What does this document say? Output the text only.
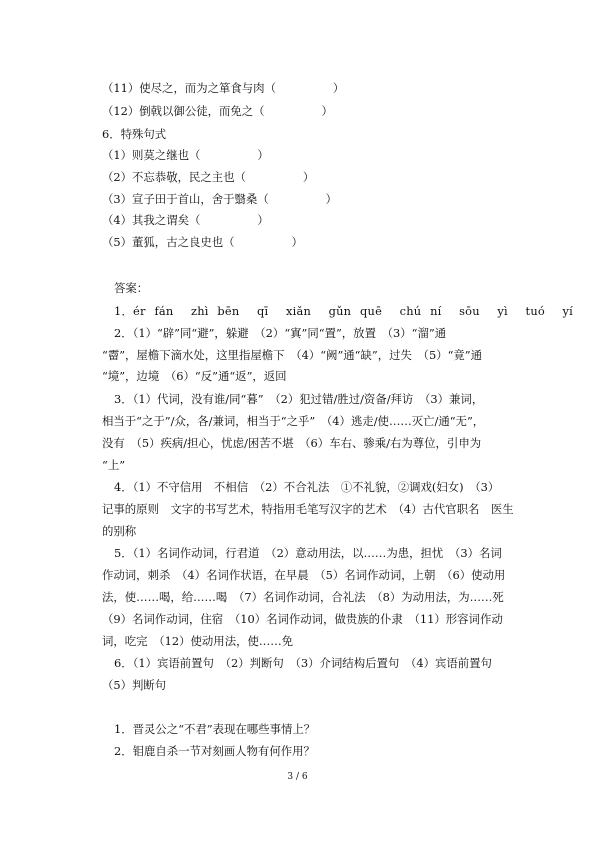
（11）使尽之，而为之箪食与肉（　　　　　）
（12）倒戟以御公徒，而免之（　　　　　）
6．特殊句式
（1）则莫之继也（　　　　　）
（2）不忘恭敬，民之主也（　　　　　）
（3）宣子田于首山，舍于翳桑（　　　　　）
（4）其我之谓矣（　　　　　）
（5）董狐，古之良史也（　　　　　）
答案：
1．ér fán  zhì bēn  qī  xiǎn  gǔn quē  chú ní  sōu  yì  tuó  yí
2．（1）“辟”同“避”，躲避　（2）“寘”同“置”，放置　（3）“溜”通
“霤”，屋檐下滴水处，这里指屋檐下　（4）“阙”通“缺”，过失　（5）“竟”通
“境”，边境　（6）“反”通“返”，返回
3．（1）代词，没有谁/同“暮”　（2）犯过错/胜过/资备/拜访　（3）兼词，
相当于“之于”/众，各/兼词，相当于“之乎”　（4）逃走/使……灭亡/通“无”，
没有　（5）疾病/担心，忧虑/困苦不堪　（6）车右、骖乘/右为尊位，引申为
“上”
4．（1）不守信用　不相信　（2）不合礼法　①不礼貌，②调戏(妇女)　（3）
记事的原则　文字的书写艺术，特指用毛笔写汉字的艺术　（4）古代官职名　医生
的别称
5．（1）名词作动词，行君道　（2）意动用法，以……为患，担忧　（3）名词
作动词，刺杀　（4）名词作状语，在早晨　（5）名词作动词，上朝　（6）使动用
法，使……喝，给……喝　（7）名词作动词，合礼法　（8）为动用法，为……死
（9）名词作动词，住宿　（10）名词作动词，做贵族的仆隶　（11）形容词作动
词，吃完　（12）使动用法，使……免
6．（1）宾语前置句　（2）判断句　（3）介词结构后置句　（4）宾语前置句
（5）判断句
1．晋灵公之“不君”表现在哪些事情上？
2．钼鹿自杀一节对刻画人物有何作用？
3 / 6
